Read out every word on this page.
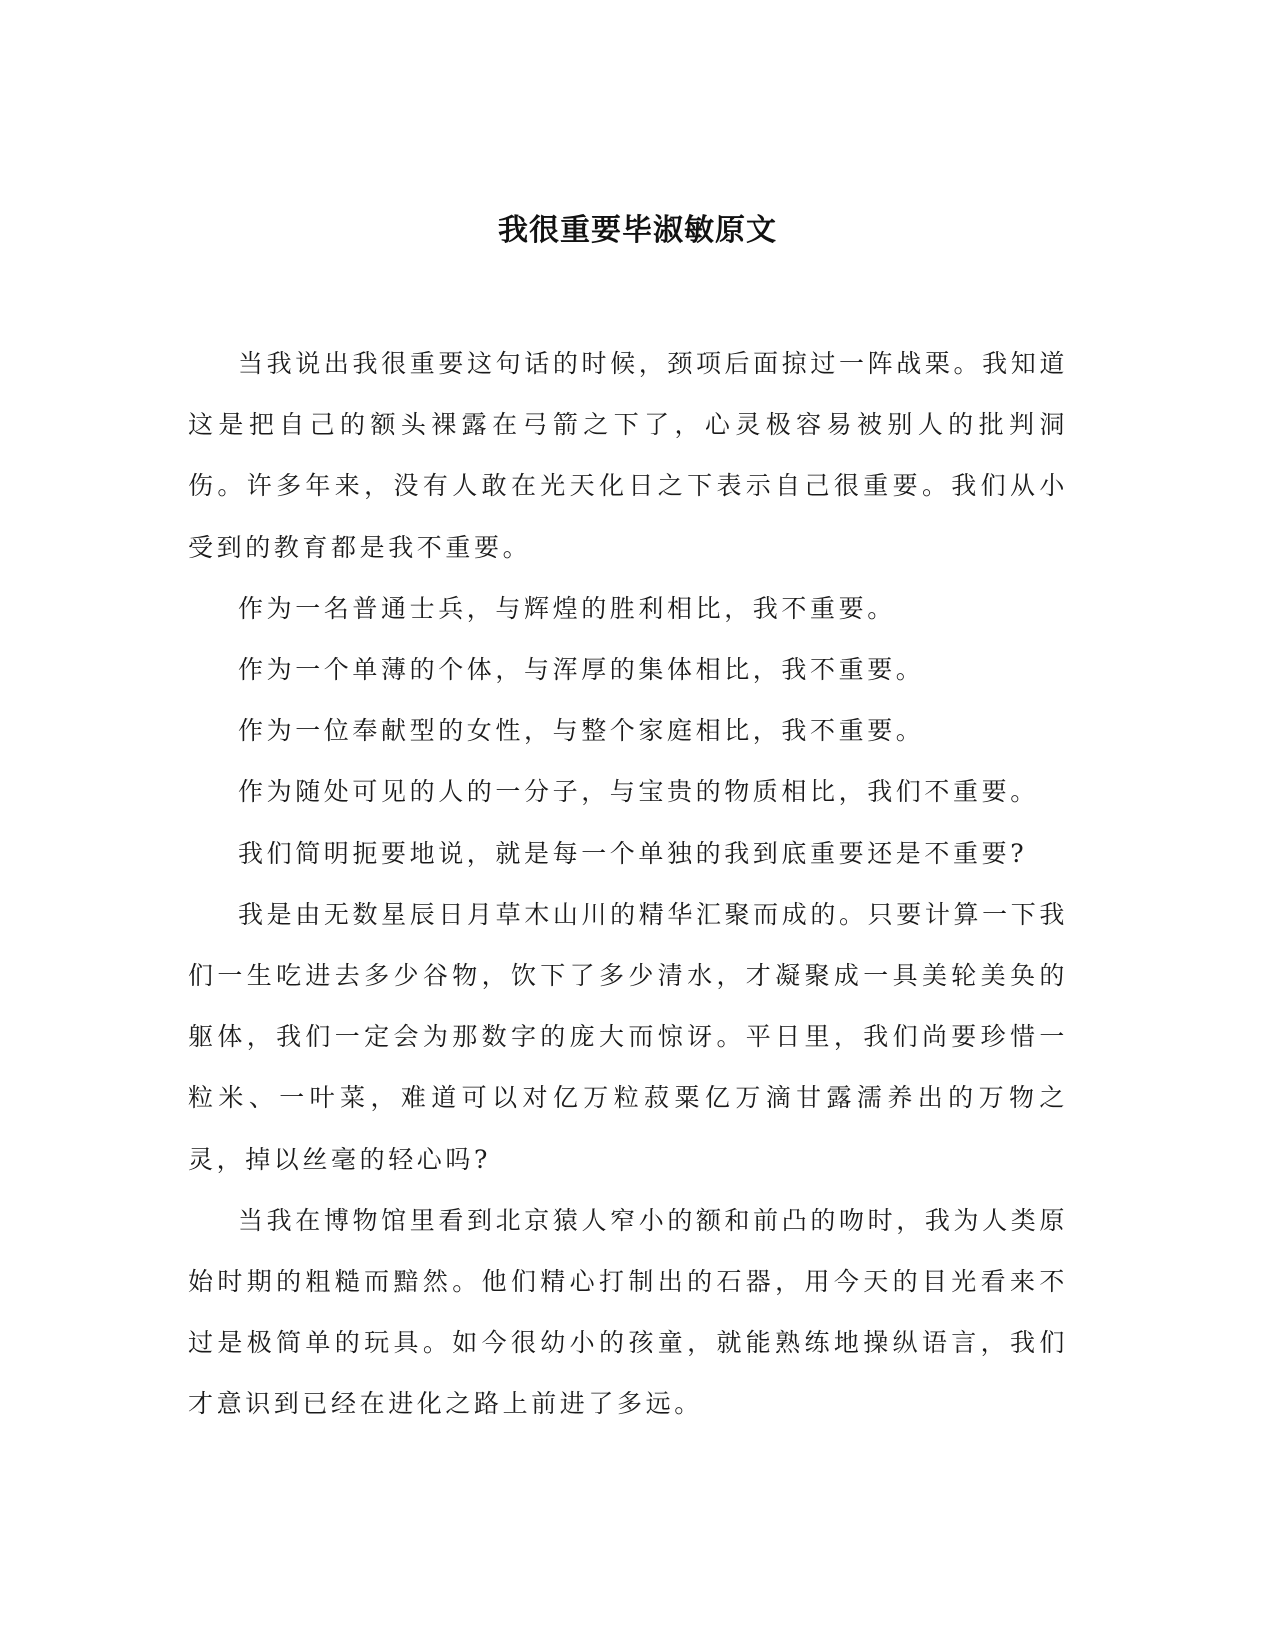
我很重要毕淑敏原文

当我说出我很重要这句话的时候，颈项后面掠过一阵战栗。我知道这是把自己的额头裸露在弓箭之下了，心灵极容易被别人的批判洞伤。许多年来，没有人敢在光天化日之下表示自己很重要。我们从小受到的教育都是我不重要。

作为一名普通士兵，与辉煌的胜利相比，我不重要。

作为一个单薄的个体，与浑厚的集体相比，我不重要。

作为一位奉献型的女性，与整个家庭相比，我不重要。

作为随处可见的人的一分子，与宝贵的物质相比，我们不重要。

我们简明扼要地说，就是每一个单独的我到底重要还是不重要?

我是由无数星辰日月草木山川的精华汇聚而成的。只要计算一下我们一生吃进去多少谷物，饮下了多少清水，才凝聚成一具美轮美奂的躯体，我们一定会为那数字的庞大而惊讶。平日里，我们尚要珍惜一粒米、一叶菜，难道可以对亿万粒菽粟亿万滴甘露濡养出的万物之灵，掉以丝毫的轻心吗?

当我在博物馆里看到北京猿人窄小的额和前凸的吻时，我为人类原始时期的粗糙而黯然。他们精心打制出的石器，用今天的目光看来不过是极简单的玩具。如今很幼小的孩童，就能熟练地操纵语言，我们才意识到已经在进化之路上前进了多远。
